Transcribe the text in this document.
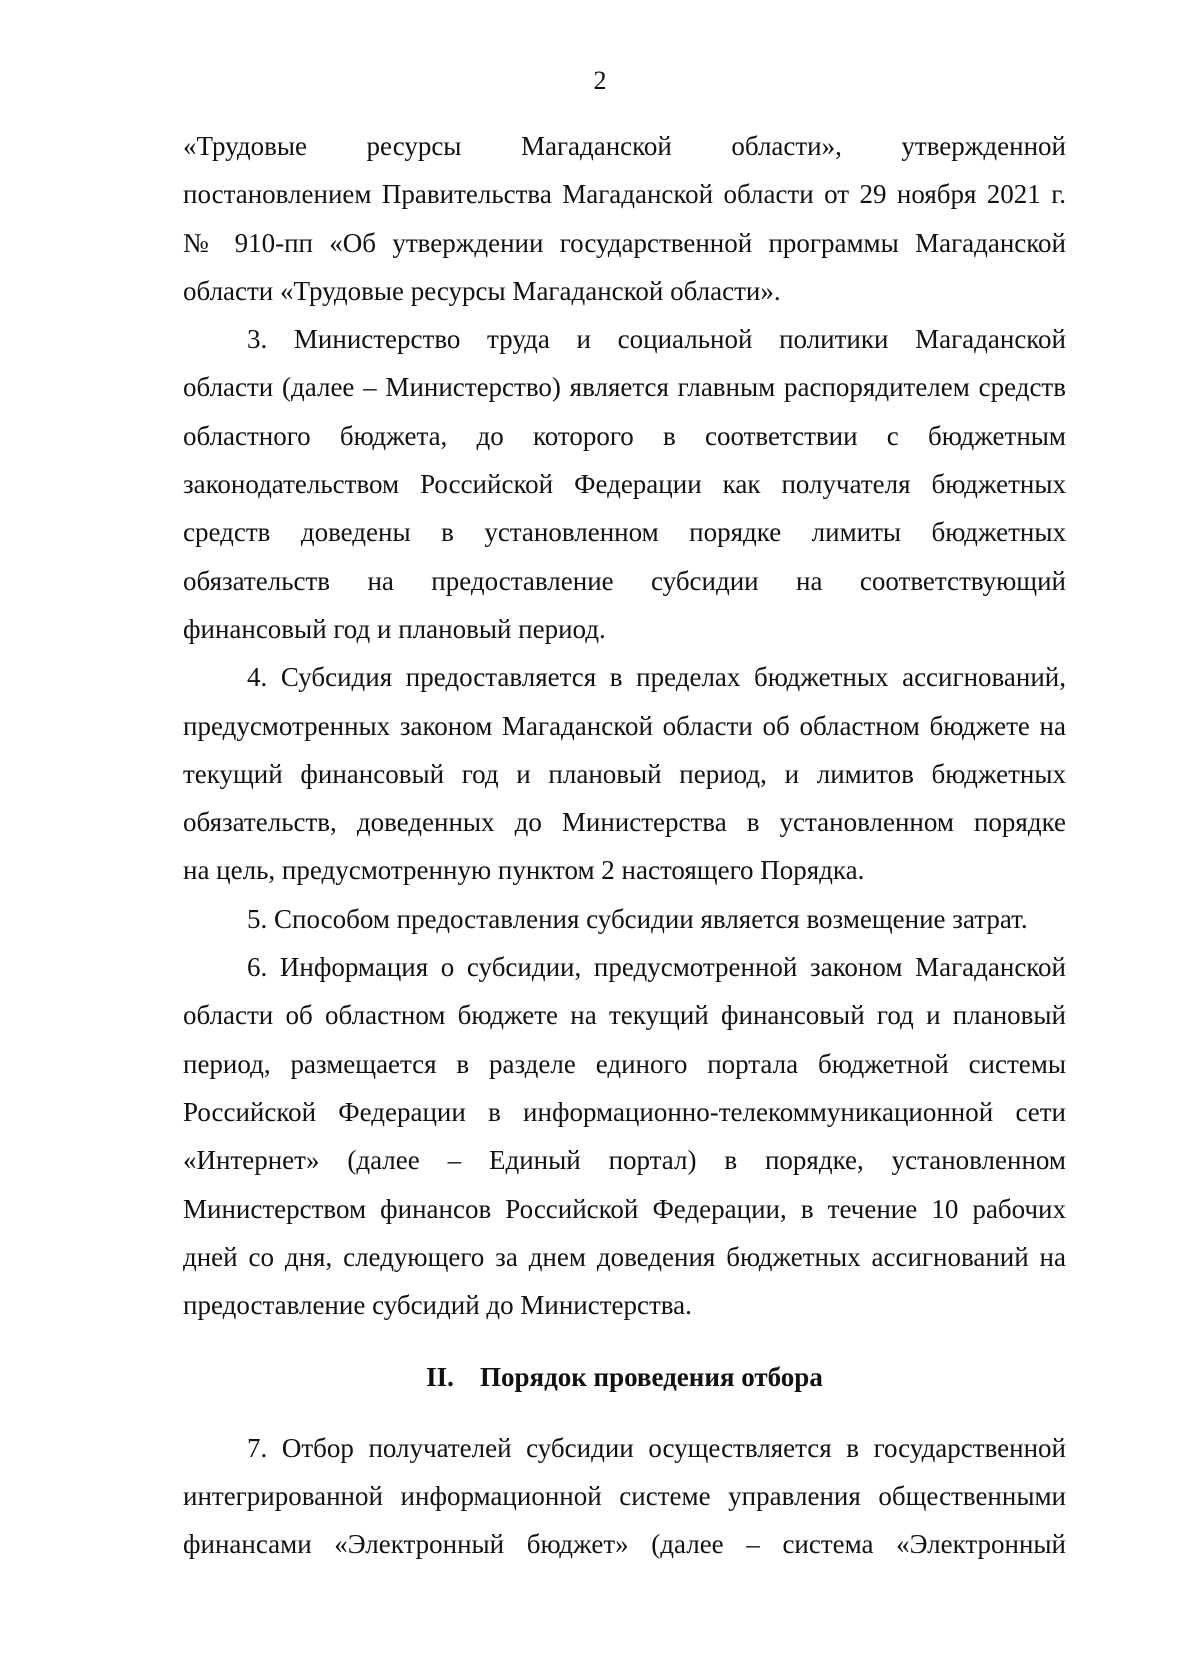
2
«Трудовые ресурсы Магаданской области», утвержденной
постановлением Правительства Магаданской области от 29 ноября 2021 г.
№ 910-пп «Об утверждении государственной программы Магаданской
области «Трудовые ресурсы Магаданской области».
3. Министерство труда и социальной политики Магаданской
области (далее – Министерство) является главным распорядителем средств
областного бюджета, до которого в соответствии с бюджетным
законодательством Российской Федерации как получателя бюджетных
средств доведены в установленном порядке лимиты бюджетных
обязательств на предоставление субсидии на соответствующий
финансовый год и плановый период.
4. Субсидия предоставляется в пределах бюджетных ассигнований,
предусмотренных законом Магаданской области об областном бюджете на
текущий финансовый год и плановый период, и лимитов бюджетных
обязательств, доведенных до Министерства в установленном порядке
на цель, предусмотренную пунктом 2 настоящего Порядка.
5. Способом предоставления субсидии является возмещение затрат.
6. Информация о субсидии, предусмотренной законом Магаданской
области об областном бюджете на текущий финансовый год и плановый
период, размещается в разделе единого портала бюджетной системы
Российской Федерации в информационно-телекоммуникационной сети
«Интернет» (далее – Единый портал) в порядке, установленном
Министерством финансов Российской Федерации, в течение 10 рабочих
дней со дня, следующего за днем доведения бюджетных ассигнований на
предоставление субсидий до Министерства.
II. Порядок проведения отбора
7. Отбор получателей субсидии осуществляется в государственной
интегрированной информационной системе управления общественными
финансами «Электронный бюджет» (далее – система «Электронный
